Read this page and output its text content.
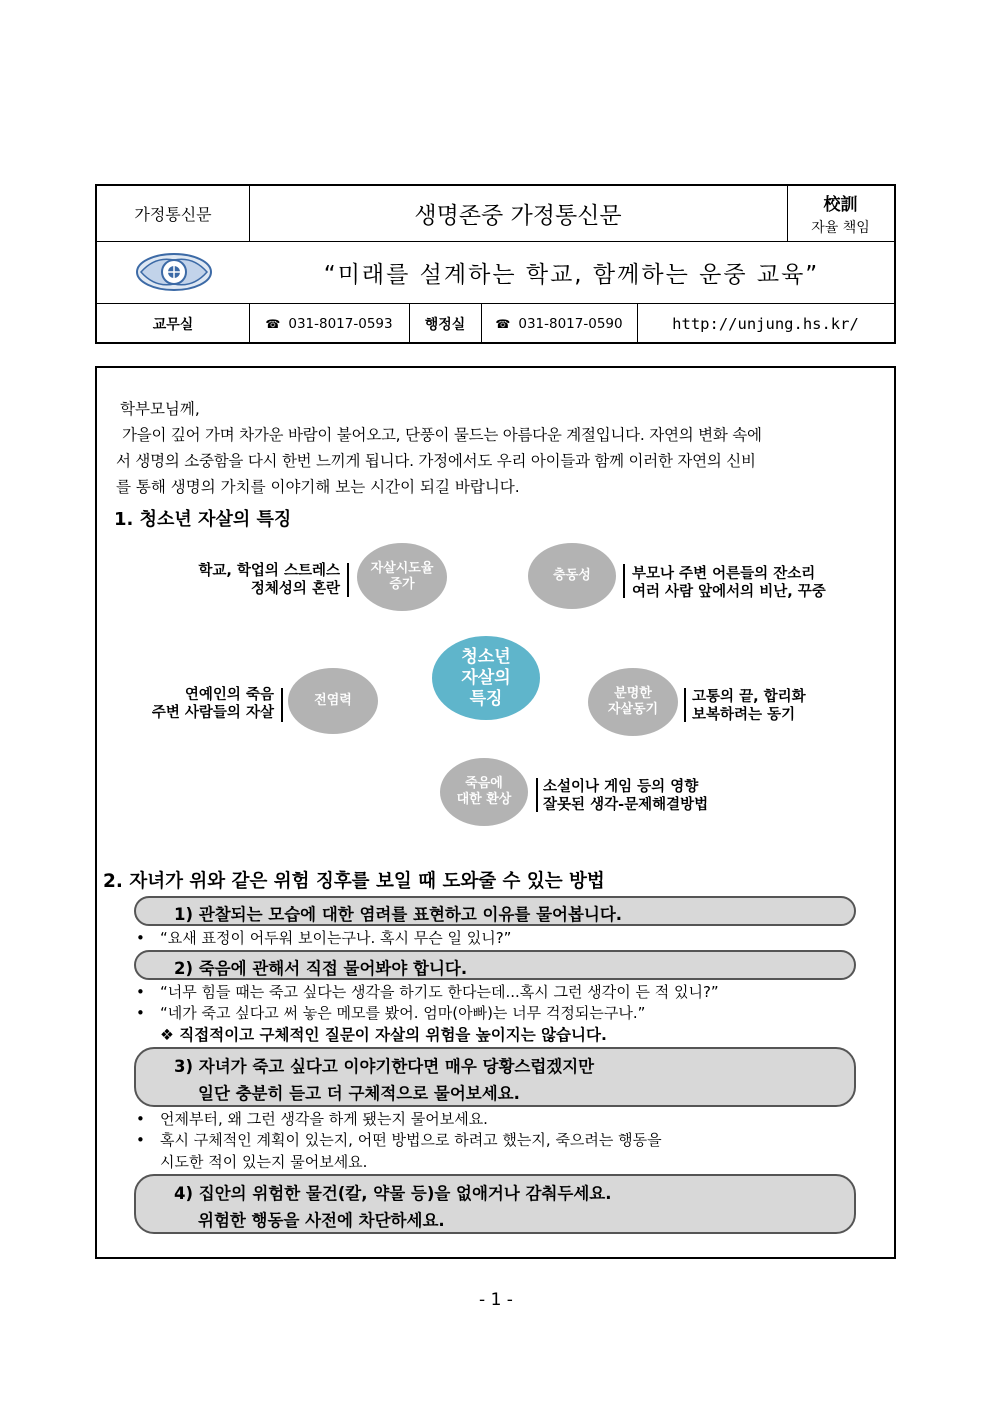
가정통신문	생명존중 가정통신문	校訓
자율 책임
“미래를 설계하는 학교, 함께하는 운중 교육”
교무실	☎ 031-8017-0593	행정실	☎ 031-8017-0590	http://unjung.hs.kr/
학부모님께,
가을이 깊어 가며 차가운 바람이 불어오고, 단풍이 물드는 아름다운 계절입니다. 자연의 변화 속에
서 생명의 소중함을 다시 한번 느끼게 됩니다. 가정에서도 우리 아이들과 함께 이러한 자연의 신비
를 통해 생명의 가치를 이야기해 보는 시간이 되길 바랍니다.
1. 청소년 자살의 특징
자살시도율
증가
학교, 학업의 스트레스
정체성의 혼란
충동성	부모나 주변 어른들의 잔소리
여러 사람 앞에서의 비난, 꾸중
청소년
자살의
특징
전염력
연예인의 죽음
주변 사람들의 자살
분명한
자살동기
고통의 끝, 합리화
보복하려는 동기
죽음에
대한 환상
소설이나 게임 등의 영향
잘못된 생각-문제해결방법
2. 자녀가 위와 같은 위험 징후를 보일 때 도와줄 수 있는 방법
1) 관찰되는 모습에 대한 염려를 표현하고 이유를 물어봅니다.
• “요새 표정이 어두워 보이는구나. 혹시 무슨 일 있니?”
2) 죽음에 관해서 직접 물어봐야 합니다.
• “너무 힘들 때는 죽고 싶다는 생각을 하기도 한다는데...혹시 그런 생각이 든 적 있니?”
• “네가 죽고 싶다고 써 놓은 메모를 봤어. 엄마(아빠)는 너무 걱정되는구나.”
❖ 직접적이고 구체적인 질문이 자살의 위험을 높이지는 않습니다.
3) 자녀가 죽고 싶다고 이야기한다면 매우 당황스럽겠지만
일단 충분히 듣고 더 구체적으로 물어보세요.
• 언제부터, 왜 그런 생각을 하게 됐는지 물어보세요.
• 혹시 구체적인 계획이 있는지, 어떤 방법으로 하려고 했는지, 죽으려는 행동을
시도한 적이 있는지 물어보세요.
4) 집안의 위험한 물건(칼, 약물 등)을 없애거나 감춰두세요.
위험한 행동을 사전에 차단하세요.
- 1 -
